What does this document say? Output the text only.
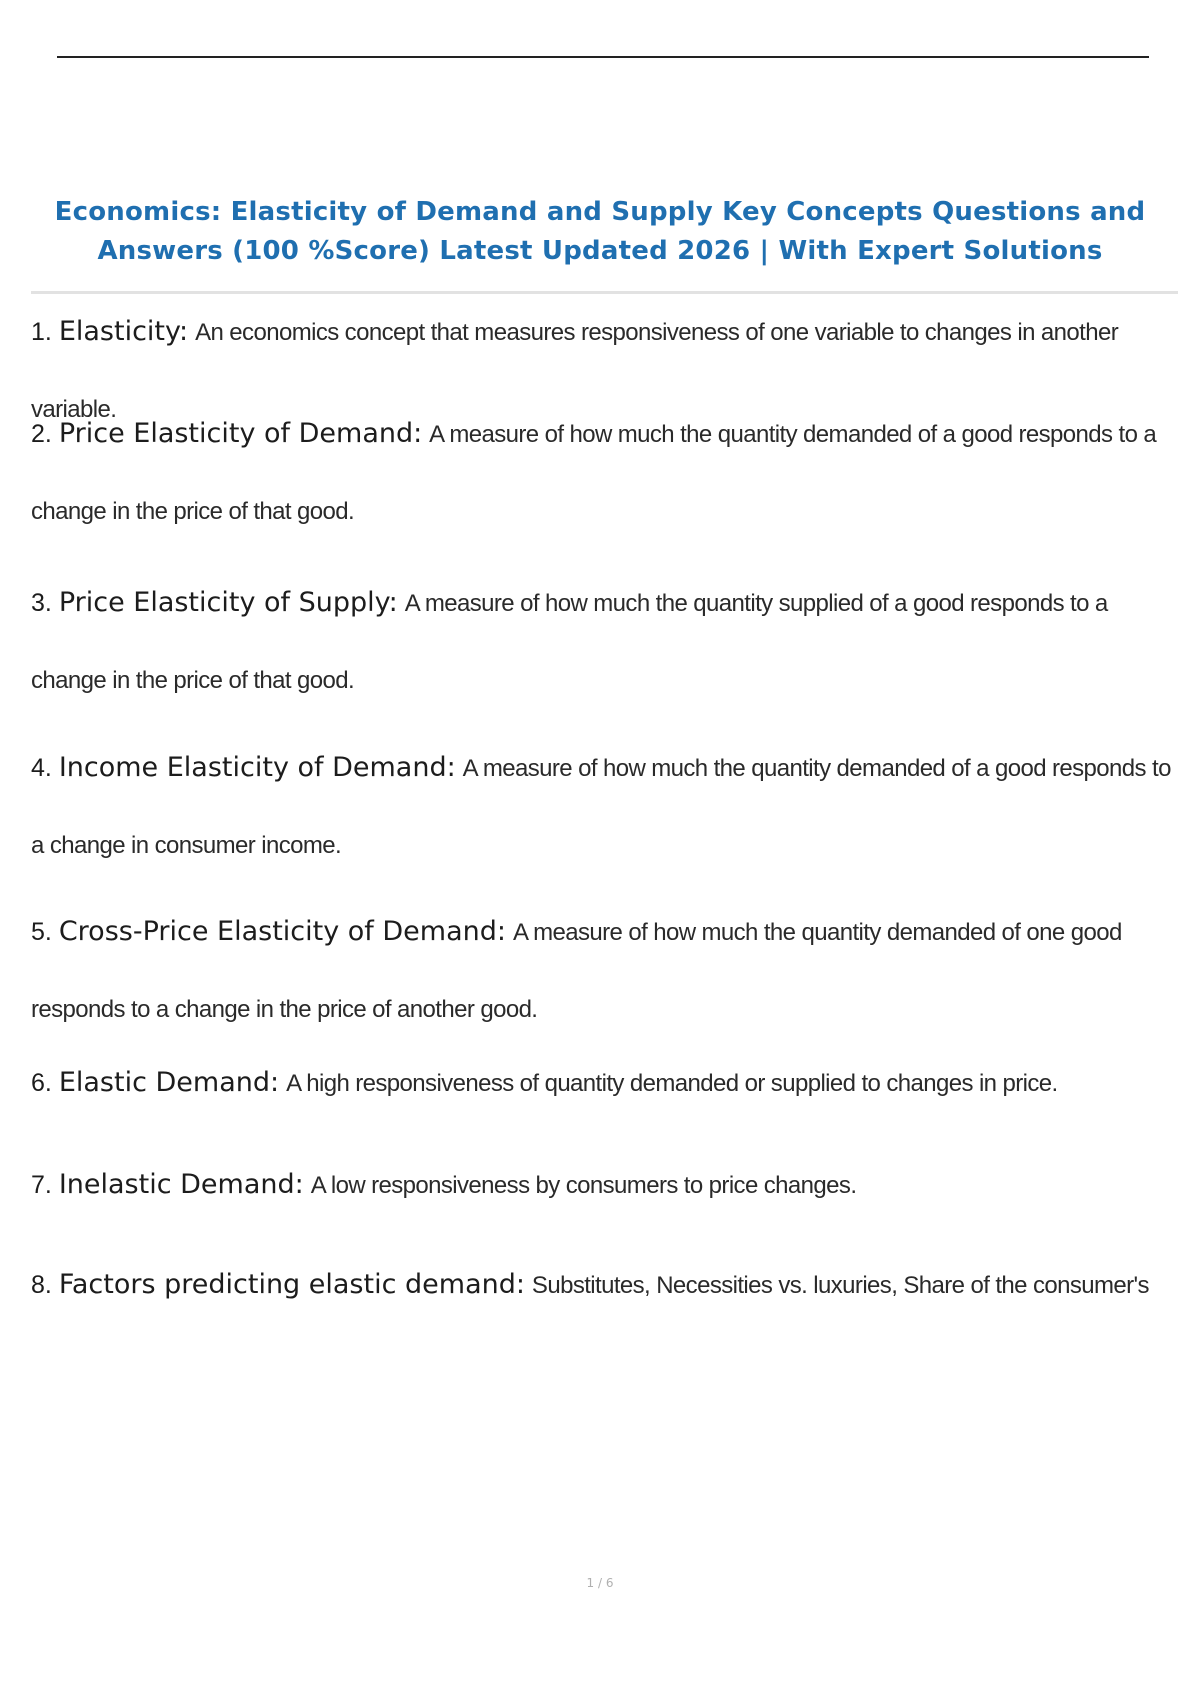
Economics: Elasticity of Demand and Supply Key Concepts Questions and Answers (100 %Score) Latest Updated 2026 | With Expert Solutions
1. Elasticity: An economics concept that measures responsiveness of one variable to changes in another variable.
2. Price Elasticity of Demand: A measure of how much the quantity demanded of a good responds to a change in the price of that good.
3. Price Elasticity of Supply: A measure of how much the quantity supplied of a good responds to a change in the price of that good.
4. Income Elasticity of Demand: A measure of how much the quantity demanded of a good responds to a change in consumer income.
5. Cross-Price Elasticity of Demand: A measure of how much the quantity demanded of one good responds to a change in the price of another good.
6. Elastic Demand: A high responsiveness of quantity demanded or supplied to changes in price.
7. Inelastic Demand: A low responsiveness by consumers to price changes.
8. Factors predicting elastic demand: Substitutes, Necessities vs. luxuries, Share of the consumer's
1 / 6
